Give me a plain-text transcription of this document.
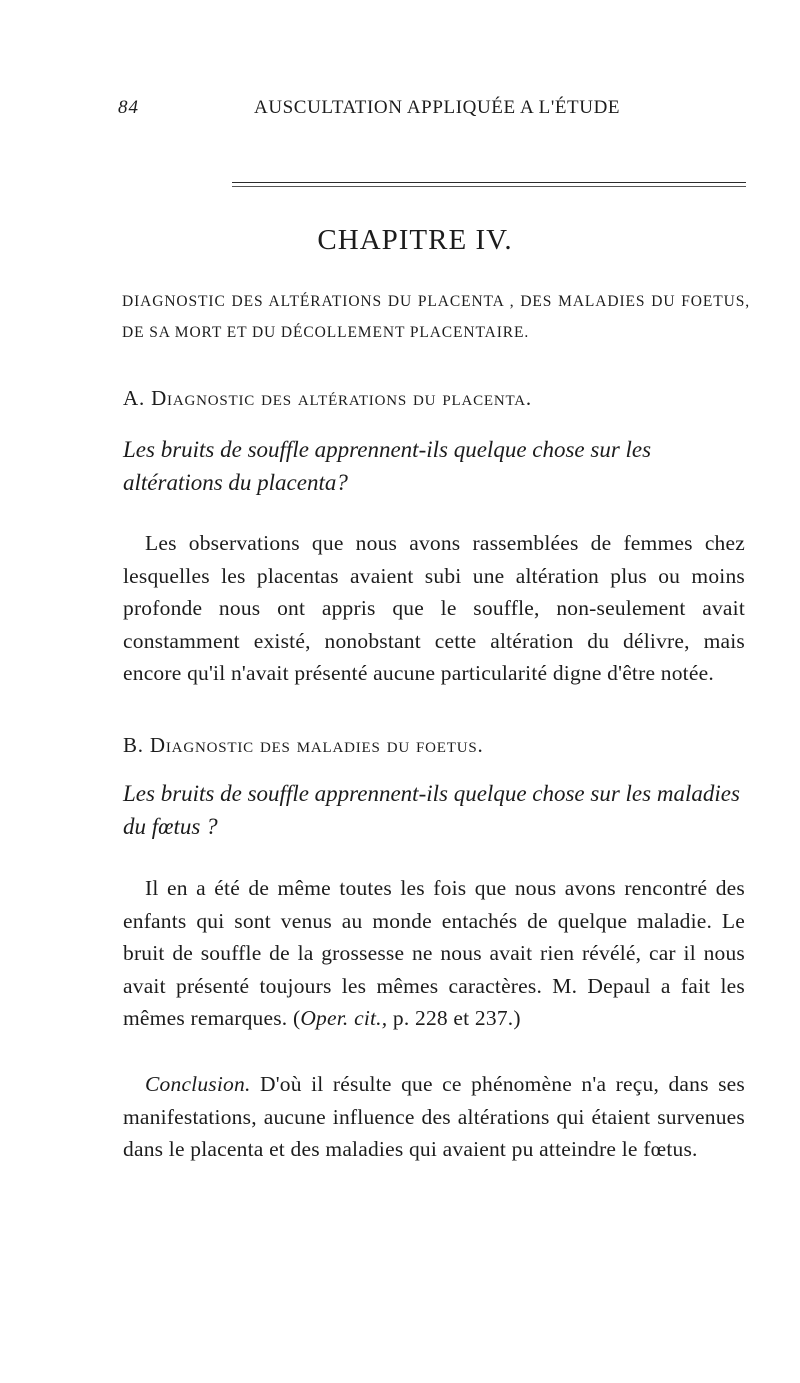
84	AUSCULTATION APPLIQUÉE A L'ÉTUDE
CHAPITRE IV.
DIAGNOSTIC DES ALTÉRATIONS DU PLACENTA , DES MALADIES DU FOETUS, DE SA MORT ET DU DÉCOLLEMENT PLACENTAIRE.
A. Diagnostic des altérations du placenta.
Les bruits de souffle apprennent-ils quelque chose sur les altérations du placenta?
Les observations que nous avons rassemblées de femmes chez lesquelles les placentas avaient subi une altération plus ou moins profonde nous ont appris que le souffle, non-seulement avait constamment existé, nonobstant cette altération du délivre, mais encore qu'il n'avait présenté aucune particularité digne d'être notée.
B. Diagnostic des maladies du foetus.
Les bruits de souffle apprennent-ils quelque chose sur les maladies du fœtus ?
Il en a été de même toutes les fois que nous avons rencontré des enfants qui sont venus au monde entachés de quelque maladie. Le bruit de souffle de la grossesse ne nous avait rien révélé, car il nous avait présenté toujours les mêmes caractères. M. Depaul a fait les mêmes remarques. (Oper. cit., p. 228 et 237.)
Conclusion. D'où il résulte que ce phénomène n'a reçu, dans ses manifestations, aucune influence des altérations qui étaient survenues dans le placenta et des maladies qui avaient pu atteindre le fœtus.
